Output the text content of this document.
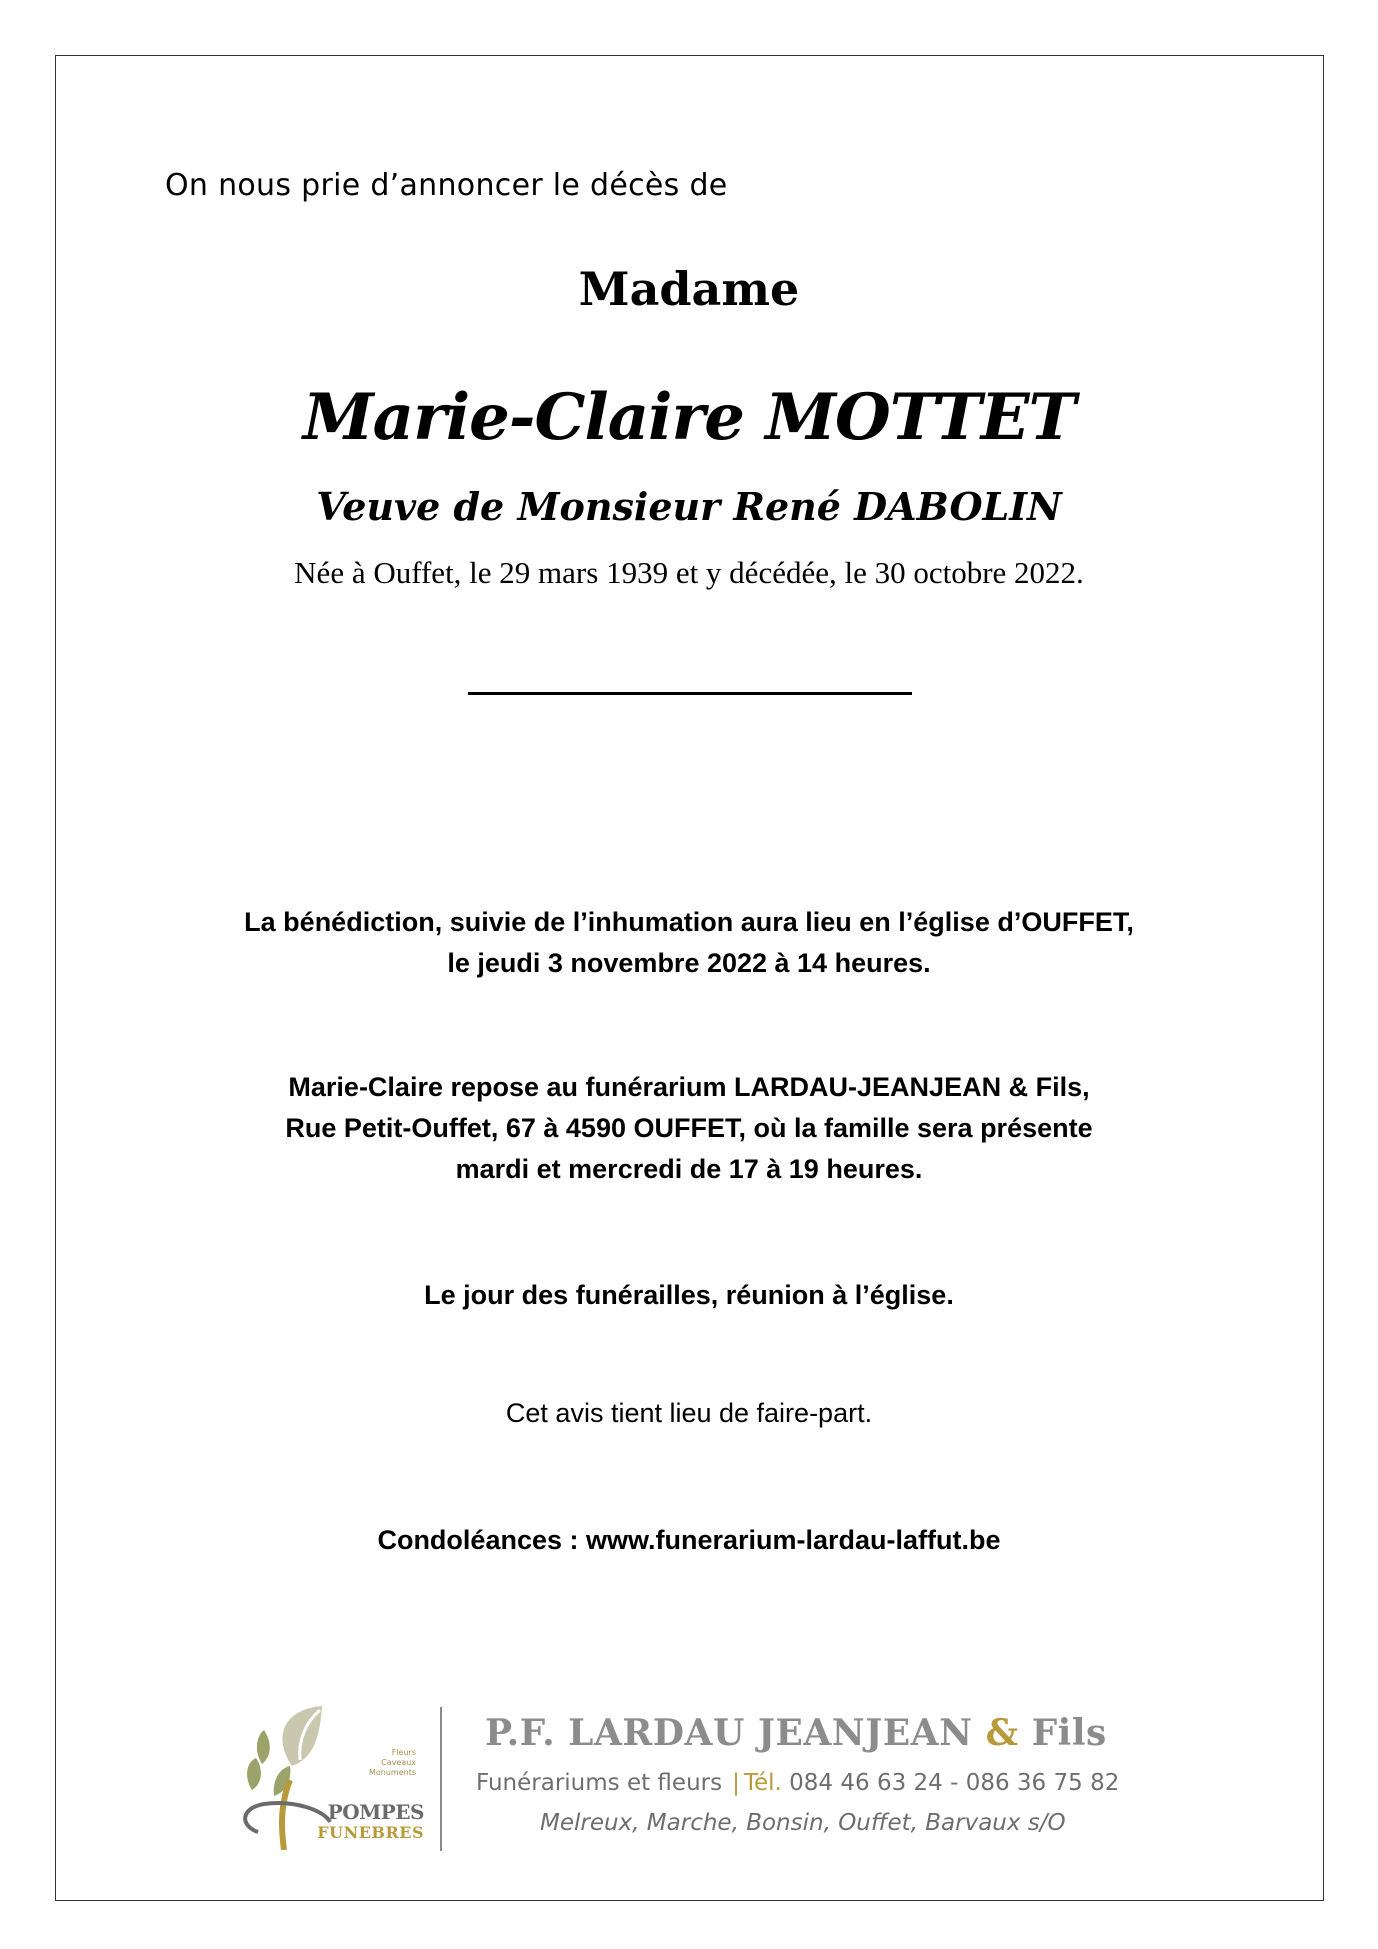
On nous prie d’annoncer le décès de
Madame
Marie-Claire MOTTET
Veuve de Monsieur René DABOLIN
Née à Ouffet, le 29 mars 1939 et y décédée, le 30 octobre 2022.
La bénédiction, suivie de l’inhumation aura lieu en l’église d’OUFFET,
le jeudi 3 novembre 2022 à 14 heures.
Marie-Claire repose au funérarium LARDAU-JEANJEAN & Fils,
Rue Petit-Ouffet, 67 à 4590 OUFFET, où la famille sera présente
mardi et mercredi de 17 à 19 heures.
Le jour des funérailles, réunion à l’église.
Cet avis tient lieu de faire-part.
Condoléances : www.funerarium-lardau-laffut.be
Fleurs
Caveaux
Monuments
POMPES
FUNEBRES
P.F. LARDAU JEANJEAN & Fils
Funérariums et fleurs | Tél. 084 46 63 24 - 086 36 75 82
Melreux, Marche, Bonsin, Ouffet, Barvaux s/O
